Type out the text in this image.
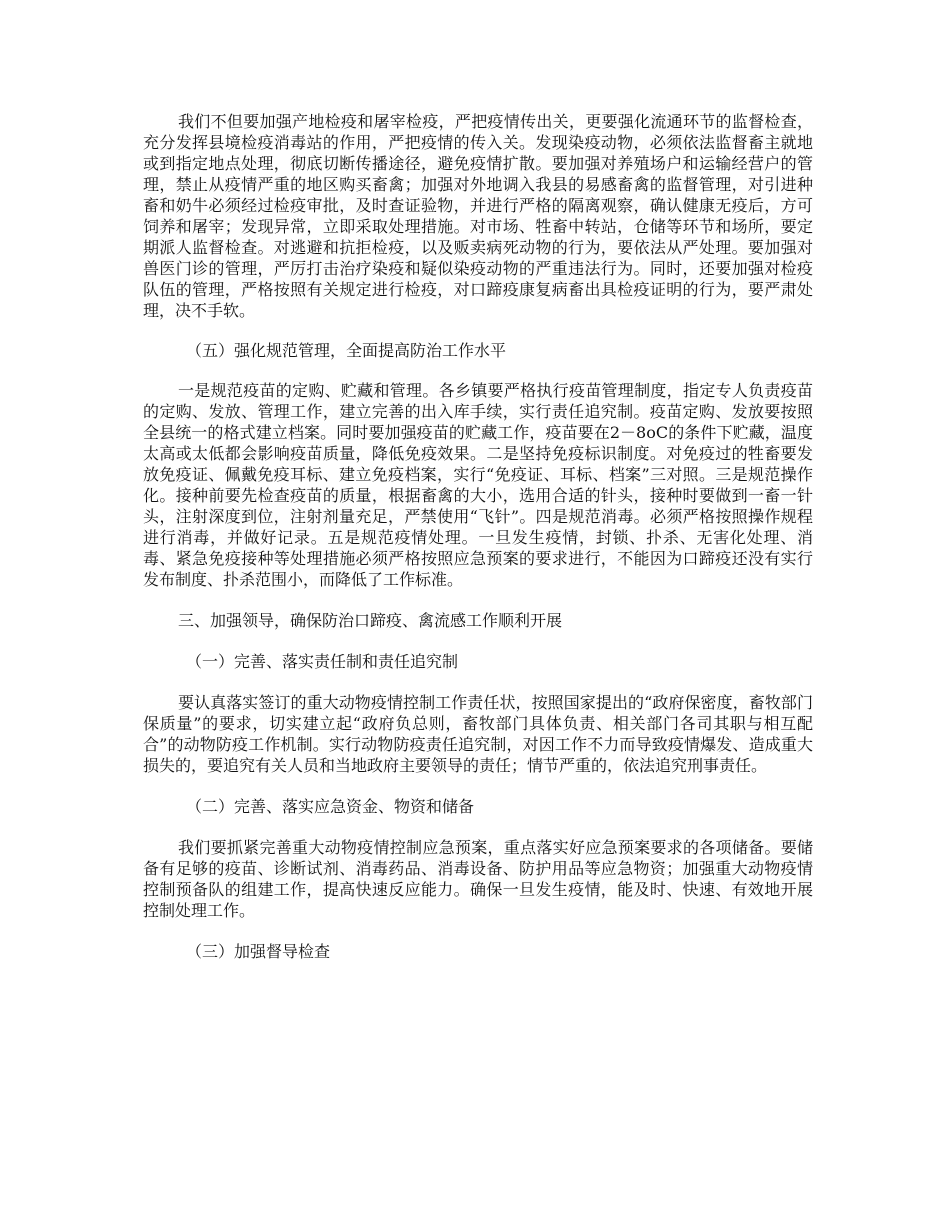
我们不但要加强产地检疫和屠宰检疫，严把疫情传出关，更要强化流通环节的监督检查，充分发挥县境检疫消毒站的作用，严把疫情的传入关。发现染疫动物，必须依法监督畜主就地或到指定地点处理，彻底切断传播途径，避免疫情扩散。要加强对养殖场户和运输经营户的管理，禁止从疫情严重的地区购买畜禽；加强对外地调入我县的易感畜禽的监督管理，对引进种畜和奶牛必须经过检疫审批，及时查证验物，并进行严格的隔离观察，确认健康无疫后，方可饲养和屠宰；发现异常，立即采取处理措施。对市场、牲畜中转站，仓储等环节和场所，要定期派人监督检查。对逃避和抗拒检疫，以及贩卖病死动物的行为，要依法从严处理。要加强对兽医门诊的管理，严厉打击治疗染疫和疑似染疫动物的严重违法行为。同时，还要加强对检疫队伍的管理，严格按照有关规定进行检疫，对口蹄疫康复病畜出具检疫证明的行为，要严肃处理，决不手软。

（五）强化规范管理，全面提高防治工作水平

一是规范疫苗的定购、贮藏和管理。各乡镇要严格执行疫苗管理制度，指定专人负责疫苗的定购、发放、管理工作，建立完善的出入库手续，实行责任追究制。疫苗定购、发放要按照全县统一的格式建立档案。同时要加强疫苗的贮藏工作，疫苗要在2－8oC的条件下贮藏，温度太高或太低都会影响疫苗质量，降低免疫效果。二是坚持免疫标识制度。对免疫过的牲畜要发放免疫证、佩戴免疫耳标、建立免疫档案，实行“免疫证、耳标、档案”三对照。三是规范操作化。接种前要先检查疫苗的质量，根据畜禽的大小，选用合适的针头，接种时要做到一畜一针头，注射深度到位，注射剂量充足，严禁使用“飞针”。四是规范消毒。必须严格按照操作规程进行消毒，并做好记录。五是规范疫情处理。一旦发生疫情，封锁、扑杀、无害化处理、消毒、紧急免疫接种等处理措施必须严格按照应急预案的要求进行，不能因为口蹄疫还没有实行发布制度、扑杀范围小，而降低了工作标准。

三、加强领导，确保防治口蹄疫、禽流感工作顺利开展

（一）完善、落实责任制和责任追究制

要认真落实签订的重大动物疫情控制工作责任状，按照国家提出的“政府保密度，畜牧部门保质量”的要求，切实建立起“政府负总则，畜牧部门具体负责、相关部门各司其职与相互配合”的动物防疫工作机制。实行动物防疫责任追究制，对因工作不力而导致疫情爆发、造成重大损失的，要追究有关人员和当地政府主要领导的责任；情节严重的，依法追究刑事责任。

（二）完善、落实应急资金、物资和储备

我们要抓紧完善重大动物疫情控制应急预案，重点落实好应急预案要求的各项储备。要储备有足够的疫苗、诊断试剂、消毒药品、消毒设备、防护用品等应急物资；加强重大动物疫情控制预备队的组建工作，提高快速反应能力。确保一旦发生疫情，能及时、快速、有效地开展控制处理工作。

（三）加强督导检查
